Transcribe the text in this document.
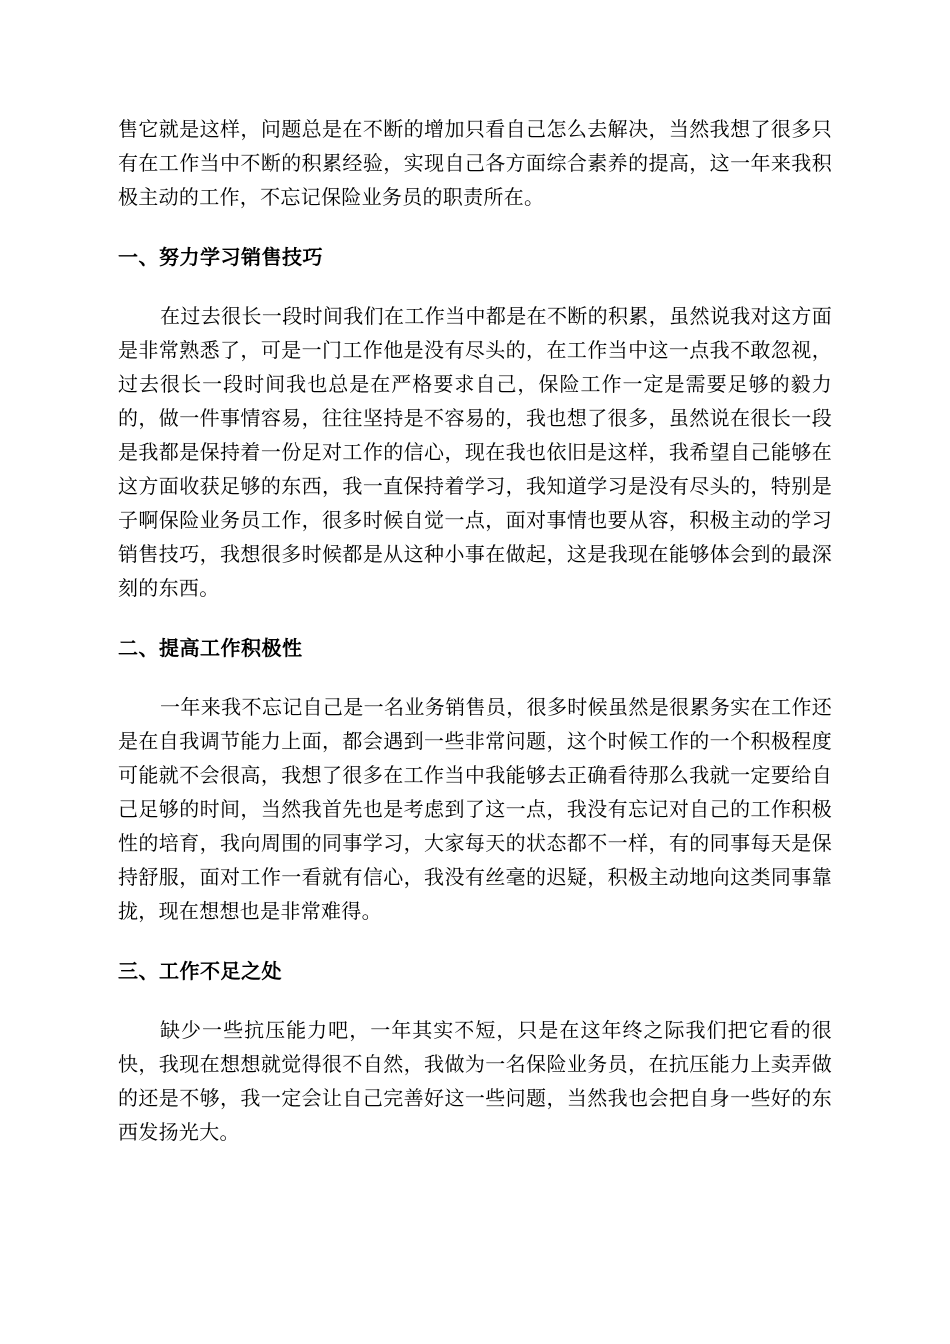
售它就是这样，问题总是在不断的增加只看自己怎么去解决，当然我想了很多只有在工作当中不断的积累经验，实现自己各方面综合素养的提高，这一年来我积极主动的工作，不忘记保险业务员的职责所在。

一、努力学习销售技巧

在过去很长一段时间我们在工作当中都是在不断的积累，虽然说我对这方面是非常熟悉了，可是一门工作他是没有尽头的，在工作当中这一点我不敢忽视，过去很长一段时间我也总是在严格要求自己，保险工作一定是需要足够的毅力的，做一件事情容易，往往坚持是不容易的，我也想了很多，虽然说在很长一段是我都是保持着一份足对工作的信心，现在我也依旧是这样，我希望自己能够在这方面收获足够的东西，我一直保持着学习，我知道学习是没有尽头的，特别是子啊保险业务员工作，很多时候自觉一点，面对事情也要从容，积极主动的学习销售技巧，我想很多时候都是从这种小事在做起，这是我现在能够体会到的最深刻的东西。

二、提高工作积极性

一年来我不忘记自己是一名业务销售员，很多时候虽然是很累务实在工作还是在自我调节能力上面，都会遇到一些非常问题，这个时候工作的一个积极程度可能就不会很高，我想了很多在工作当中我能够去正确看待那么我就一定要给自己足够的时间，当然我首先也是考虑到了这一点，我没有忘记对自己的工作积极性的培育，我向周围的同事学习，大家每天的状态都不一样，有的同事每天是保持舒服，面对工作一看就有信心，我没有丝毫的迟疑，积极主动地向这类同事靠拢，现在想想也是非常难得。

三、工作不足之处

缺少一些抗压能力吧，一年其实不短，只是在这年终之际我们把它看的很快，我现在想想就觉得很不自然，我做为一名保险业务员，在抗压能力上卖弄做的还是不够，我一定会让自己完善好这一些问题，当然我也会把自身一些好的东西发扬光大。
